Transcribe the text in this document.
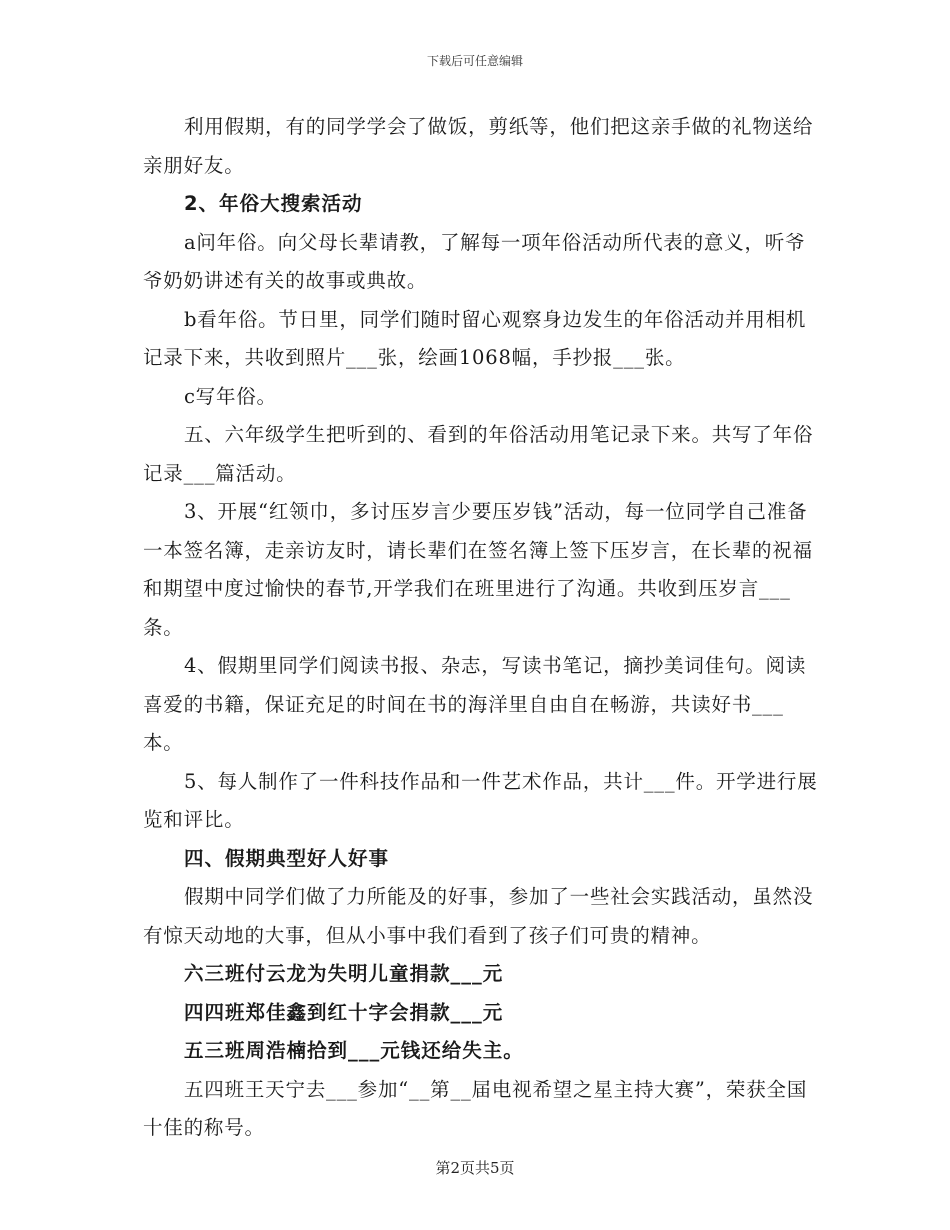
下载后可任意编辑

利用假期，有的同学学会了做饭，剪纸等，他们把这亲手做的礼物送给亲朋好友。

2、年俗大搜索活动

a问年俗。向父母长辈请教，了解每一项年俗活动所代表的意义，听爷爷奶奶讲述有关的故事或典故。

b看年俗。节日里，同学们随时留心观察身边发生的年俗活动并用相机记录下来，共收到照片___张，绘画1068幅，手抄报___张。

c写年俗。

五、六年级学生把听到的、看到的年俗活动用笔记录下来。共写了年俗记录___篇活动。

3、开展“红领巾，多讨压岁言少要压岁钱”活动，每一位同学自己准备一本签名簿，走亲访友时，请长辈们在签名簿上签下压岁言，在长辈的祝福和期望中度过愉快的春节,开学我们在班里进行了沟通。共收到压岁言___条。

4、假期里同学们阅读书报、杂志，写读书笔记，摘抄美词佳句。阅读喜爱的书籍，保证充足的时间在书的海洋里自由自在畅游，共读好书___本。

5、每人制作了一件科技作品和一件艺术作品，共计___件。开学进行展览和评比。

四、假期典型好人好事

假期中同学们做了力所能及的好事，参加了一些社会实践活动，虽然没有惊天动地的大事，但从小事中我们看到了孩子们可贵的精神。

六三班付云龙为失明儿童捐款___元

四四班郑佳鑫到红十字会捐款___元

五三班周浩楠拾到___元钱还给失主。

五四班王天宁去___参加“__第__届电视希望之星主持大赛”，荣获全国十佳的称号。

第2页共5页
